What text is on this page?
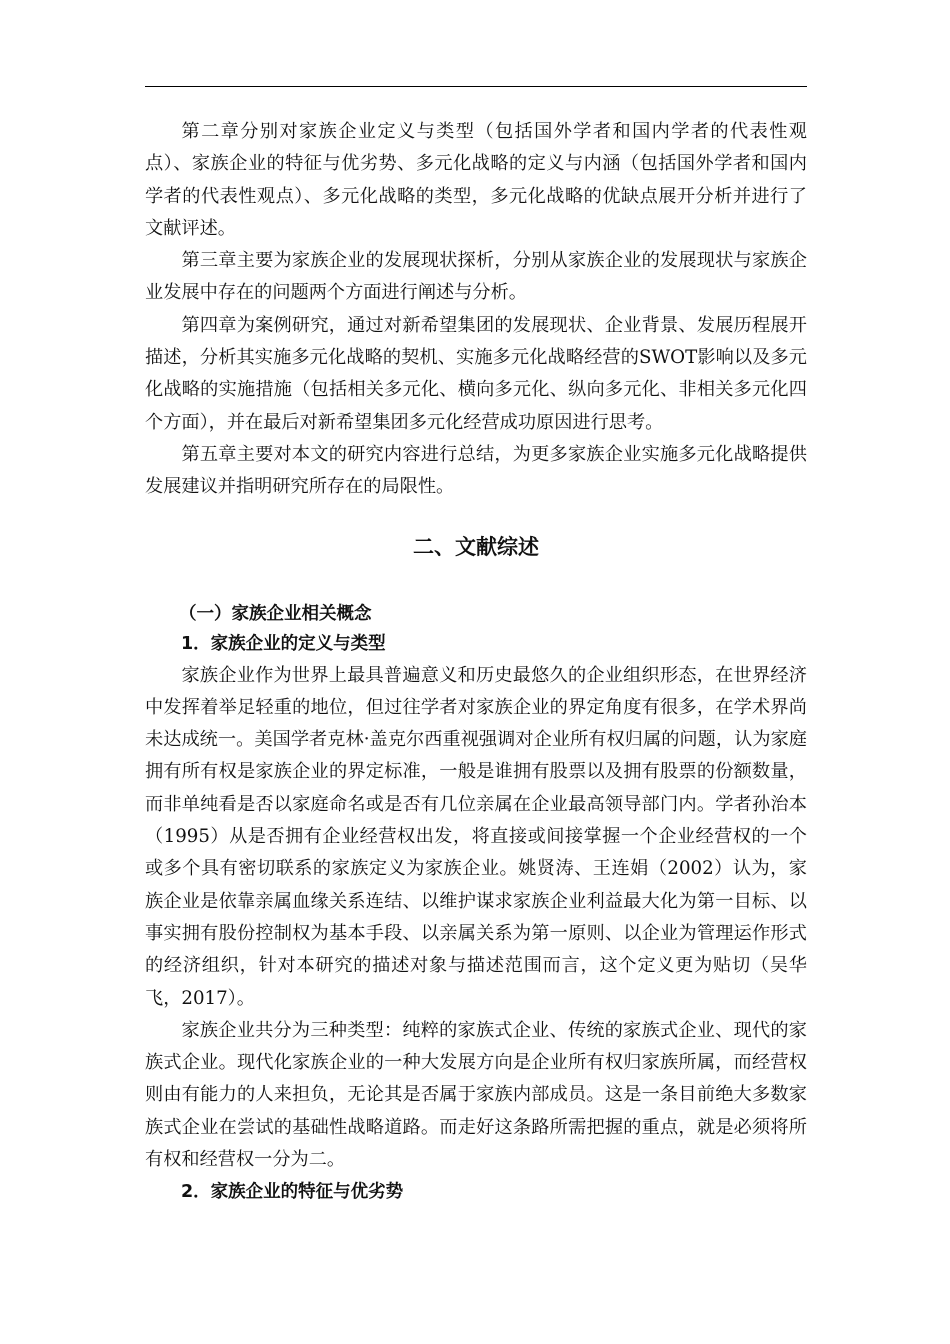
第二章分别对家族企业定义与类型（包括国外学者和国内学者的代表性观点）、家族企业的特征与优劣势、多元化战略的定义与内涵（包括国外学者和国内学者的代表性观点）、多元化战略的类型，多元化战略的优缺点展开分析并进行了文献评述。

第三章主要为家族企业的发展现状探析，分别从家族企业的发展现状与家族企业发展中存在的问题两个方面进行阐述与分析。

第四章为案例研究，通过对新希望集团的发展现状、企业背景、发展历程展开描述，分析其实施多元化战略的契机、实施多元化战略经营的SWOT影响以及多元化战略的实施措施（包括相关多元化、横向多元化、纵向多元化、非相关多元化四个方面），并在最后对新希望集团多元化经营成功原因进行思考。

第五章主要对本文的研究内容进行总结，为更多家族企业实施多元化战略提供发展建议并指明研究所存在的局限性。

二、文献综述
（一）家族企业相关概念
1．家族企业的定义与类型

家族企业作为世界上最具普遍意义和历史最悠久的企业组织形态，在世界经济中发挥着举足轻重的地位，但过往学者对家族企业的界定角度有很多，在学术界尚未达成统一。美国学者克林·盖克尔西重视强调对企业所有权归属的问题，认为家庭拥有所有权是家族企业的界定标准，一般是谁拥有股票以及拥有股票的份额数量，而非单纯看是否以家庭命名或是否有几位亲属在企业最高领导部门内。学者孙治本（1995）从是否拥有企业经营权出发，将直接或间接掌握一个企业经营权的一个或多个具有密切联系的家族定义为家族企业。姚贤涛、王连娟（2002）认为，家族企业是依靠亲属血缘关系连结、以维护谋求家族企业利益最大化为第一目标、以事实拥有股份控制权为基本手段、以亲属关系为第一原则、以企业为管理运作形式的经济组织，针对本研究的描述对象与描述范围而言，这个定义更为贴切（吴华飞，2017）。

家族企业共分为三种类型：纯粹的家族式企业、传统的家族式企业、现代的家族式企业。现代化家族企业的一种大发展方向是企业所有权归家族所属，而经营权则由有能力的人来担负，无论其是否属于家族内部成员。这是一条目前绝大多数家族式企业在尝试的基础性战略道路。而走好这条路所需把握的重点，就是必须将所有权和经营权一分为二。

2．家族企业的特征与优劣势
